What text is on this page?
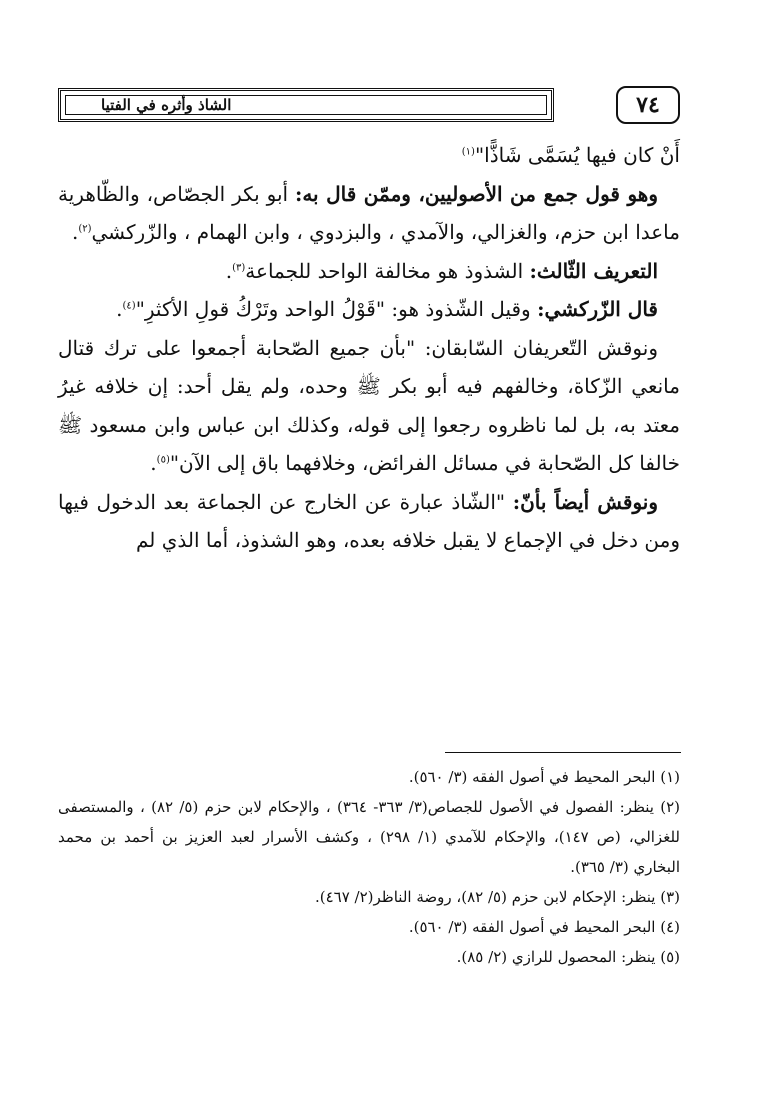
الشاذ وأثره في الفتيا	٧٤

أَنْ كان فيها يُسَمَّى شَاذًّا"$^{(١)}$

وهو قول جمع من الأصوليين، وممّن قال به: أبو بكر الجصّاص، والظّاهرية ماعدا ابن حزم، والغزالي، والآمدي ، والبزدوي ، وابن الهمام ، والزّركشي$^{(٢)}$.

التعريف الثّالث: الشذوذ هو مخالفة الواحد للجماعة$^{(٣)}$.

قال الزّركشي: وقيل الشّذوذ هو: "قَوْلُ الواحد وتَرْكُ قولِ الأكثرِ"$^{(٤)}$.

ونوقش التّعريفان السّابقان: "بأن جميع الصّحابة أجمعوا على ترك قتال مانعي الزّكاة، وخالفهم فيه أبو بكر ﷺ وحده، ولم يقل أحد: إن خلافه غيرُ معتد به، بل لما ناظروه رجعوا إلى قوله، وكذلك ابن عباس وابن مسعود ﷺ خالفا كل الصّحابة في مسائل الفرائض، وخلافهما باق إلى الآن"$^{(٥)}$.

ونوقش أيضاً بأنّ: "الشّاذ عبارة عن الخارج عن الجماعة بعد الدخول فيها ومن دخل في الإجماع لا يقبل خلافه بعده، وهو الشذوذ، أما الذي لم

(١) البحر المحيط في أصول الفقه (٣/ ٥٦٠).

(٢) ينظر: الفصول في الأصول للجصاص(٣/ ٣٦٣- ٣٦٤) ، والإحكام لابن حزم (٥/ ٨٢) ، والمستصفى للغزالي، (ص ١٤٧)، والإحكام للآمدي (١/ ٢٩٨) ، وكشف الأسرار لعبد العزيز بن أحمد بن محمد البخاري (٣/ ٣٦٥).

(٣) ينظر: الإحكام لابن حزم (٥/ ٨٢)، روضة الناظر(٢/ ٤٦٧).

(٤) البحر المحيط في أصول الفقه (٣/ ٥٦٠).

(٥) ينظر: المحصول للرازي (٢/ ٨٥).
